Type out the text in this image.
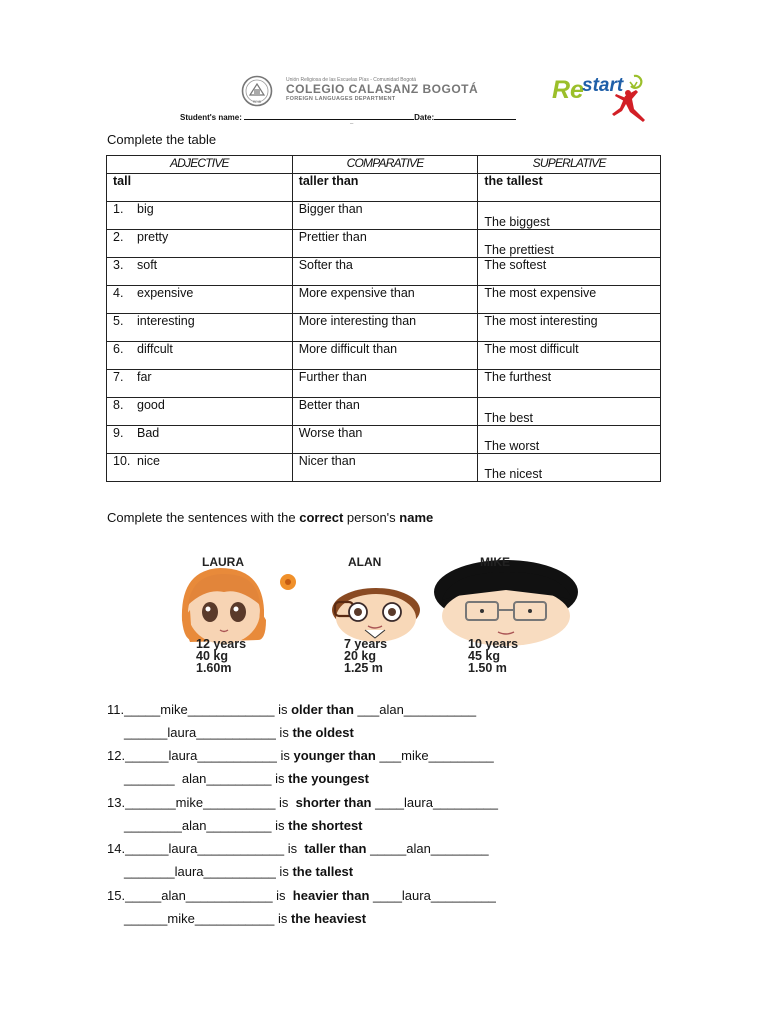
RPIB
Unión Religiosa de las Escuelas Pías - Comunidad Bogotá
COLEGIO CALASANZ BOGOTÁ
FOREIGN LANGUAGES DEPARTMENT	Re
start
Student's name:	Date:
–
Complete the table
ADJECTIVE	COMPARATIVE	SUPERLATIVE
tall	taller than	the tallest
1. big	Bigger than	The biggest
2. pretty	Prettier than	The prettiest
3. soft	Softer tha	The softest
4. expensive	More expensive than	The most expensive
5. interesting	More interesting than	The most interesting
6. diffcult	More difficult than	The most difficult
7. far	Further than	The furthest
8. good	Better than	The best
9. Bad	Worse than	The worst
10. nice	Nicer than	The nicest
Complete the sentences with the correct person's name
LAURA	ALAN	MIKE
12 years
40 kg
1.60m
7 years
20 kg
1.25 m
10 years
45 kg
1.50 m
11._____mike____________ is older than ___alan__________
______laura___________ is the oldest
12.______laura___________ is younger than ___mike_________
_______  alan_________ is the youngest
13._______mike__________ is  shorter than ____laura_________
________alan_________ is the shortest
14.______laura____________ is  taller than _____alan________
_______laura__________ is the tallest
15._____alan____________ is  heavier than ____laura_________
______mike___________ is the heaviest
